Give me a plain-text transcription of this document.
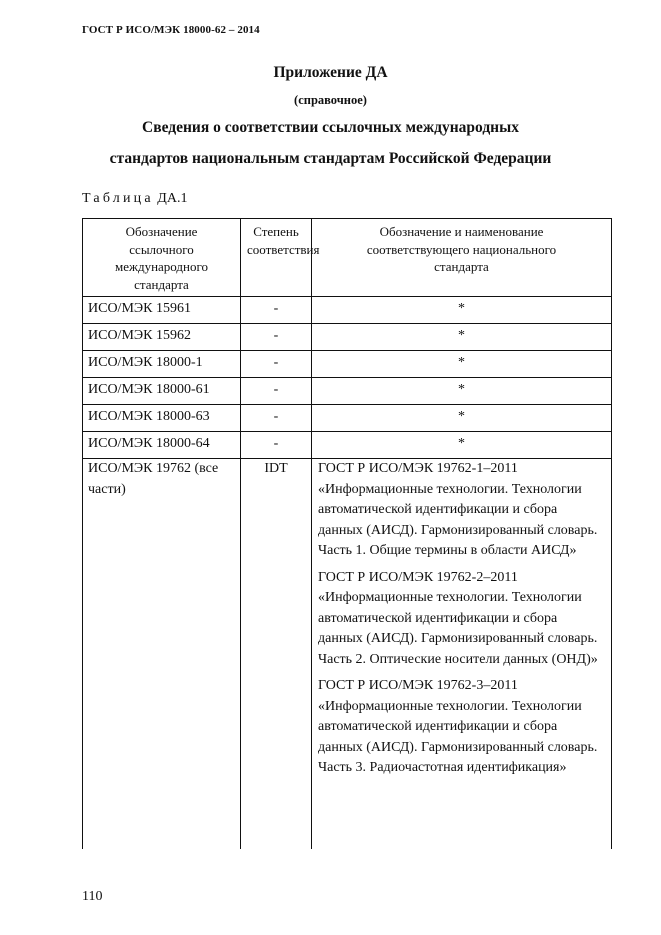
ГОСТ Р ИСО/МЭК 18000-62 – 2014
Приложение ДА
(справочное)
Сведения о соответствии ссылочных международных
стандартов национальным стандартам Российской Федерации
Таблица ДА.1
Обозначение ссылочного международного стандарта	Степень соответствия	Обозначение и наименование соответствующего национального стандарта
ИСО/МЭК 15961	-	*
ИСО/МЭК 15962	-	*
ИСО/МЭК 18000-1	-	*
ИСО/МЭК 18000-61	-	*
ИСО/МЭК 18000-63	-	*
ИСО/МЭК 18000-64	-	*
ИСО/МЭК 19762 (все части)	IDT	ГОСТ Р ИСО/МЭК 19762-1–2011 «Информационные технологии. Технологии автоматической идентификации и сбора данных (АИСД). Гармонизированный словарь. Часть 1. Общие термины в области АИСД»
ГОСТ Р ИСО/МЭК 19762-2–2011 «Информационные технологии. Технологии автоматической идентификации и сбора данных (АИСД). Гармонизированный словарь. Часть 2. Оптические носители данных (ОНД)»
ГОСТ Р ИСО/МЭК 19762-3–2011 «Информационные технологии. Технологии автоматической идентификации и сбора данных (АИСД). Гармонизированный словарь. Часть 3. Радиочастотная идентификация»
110
